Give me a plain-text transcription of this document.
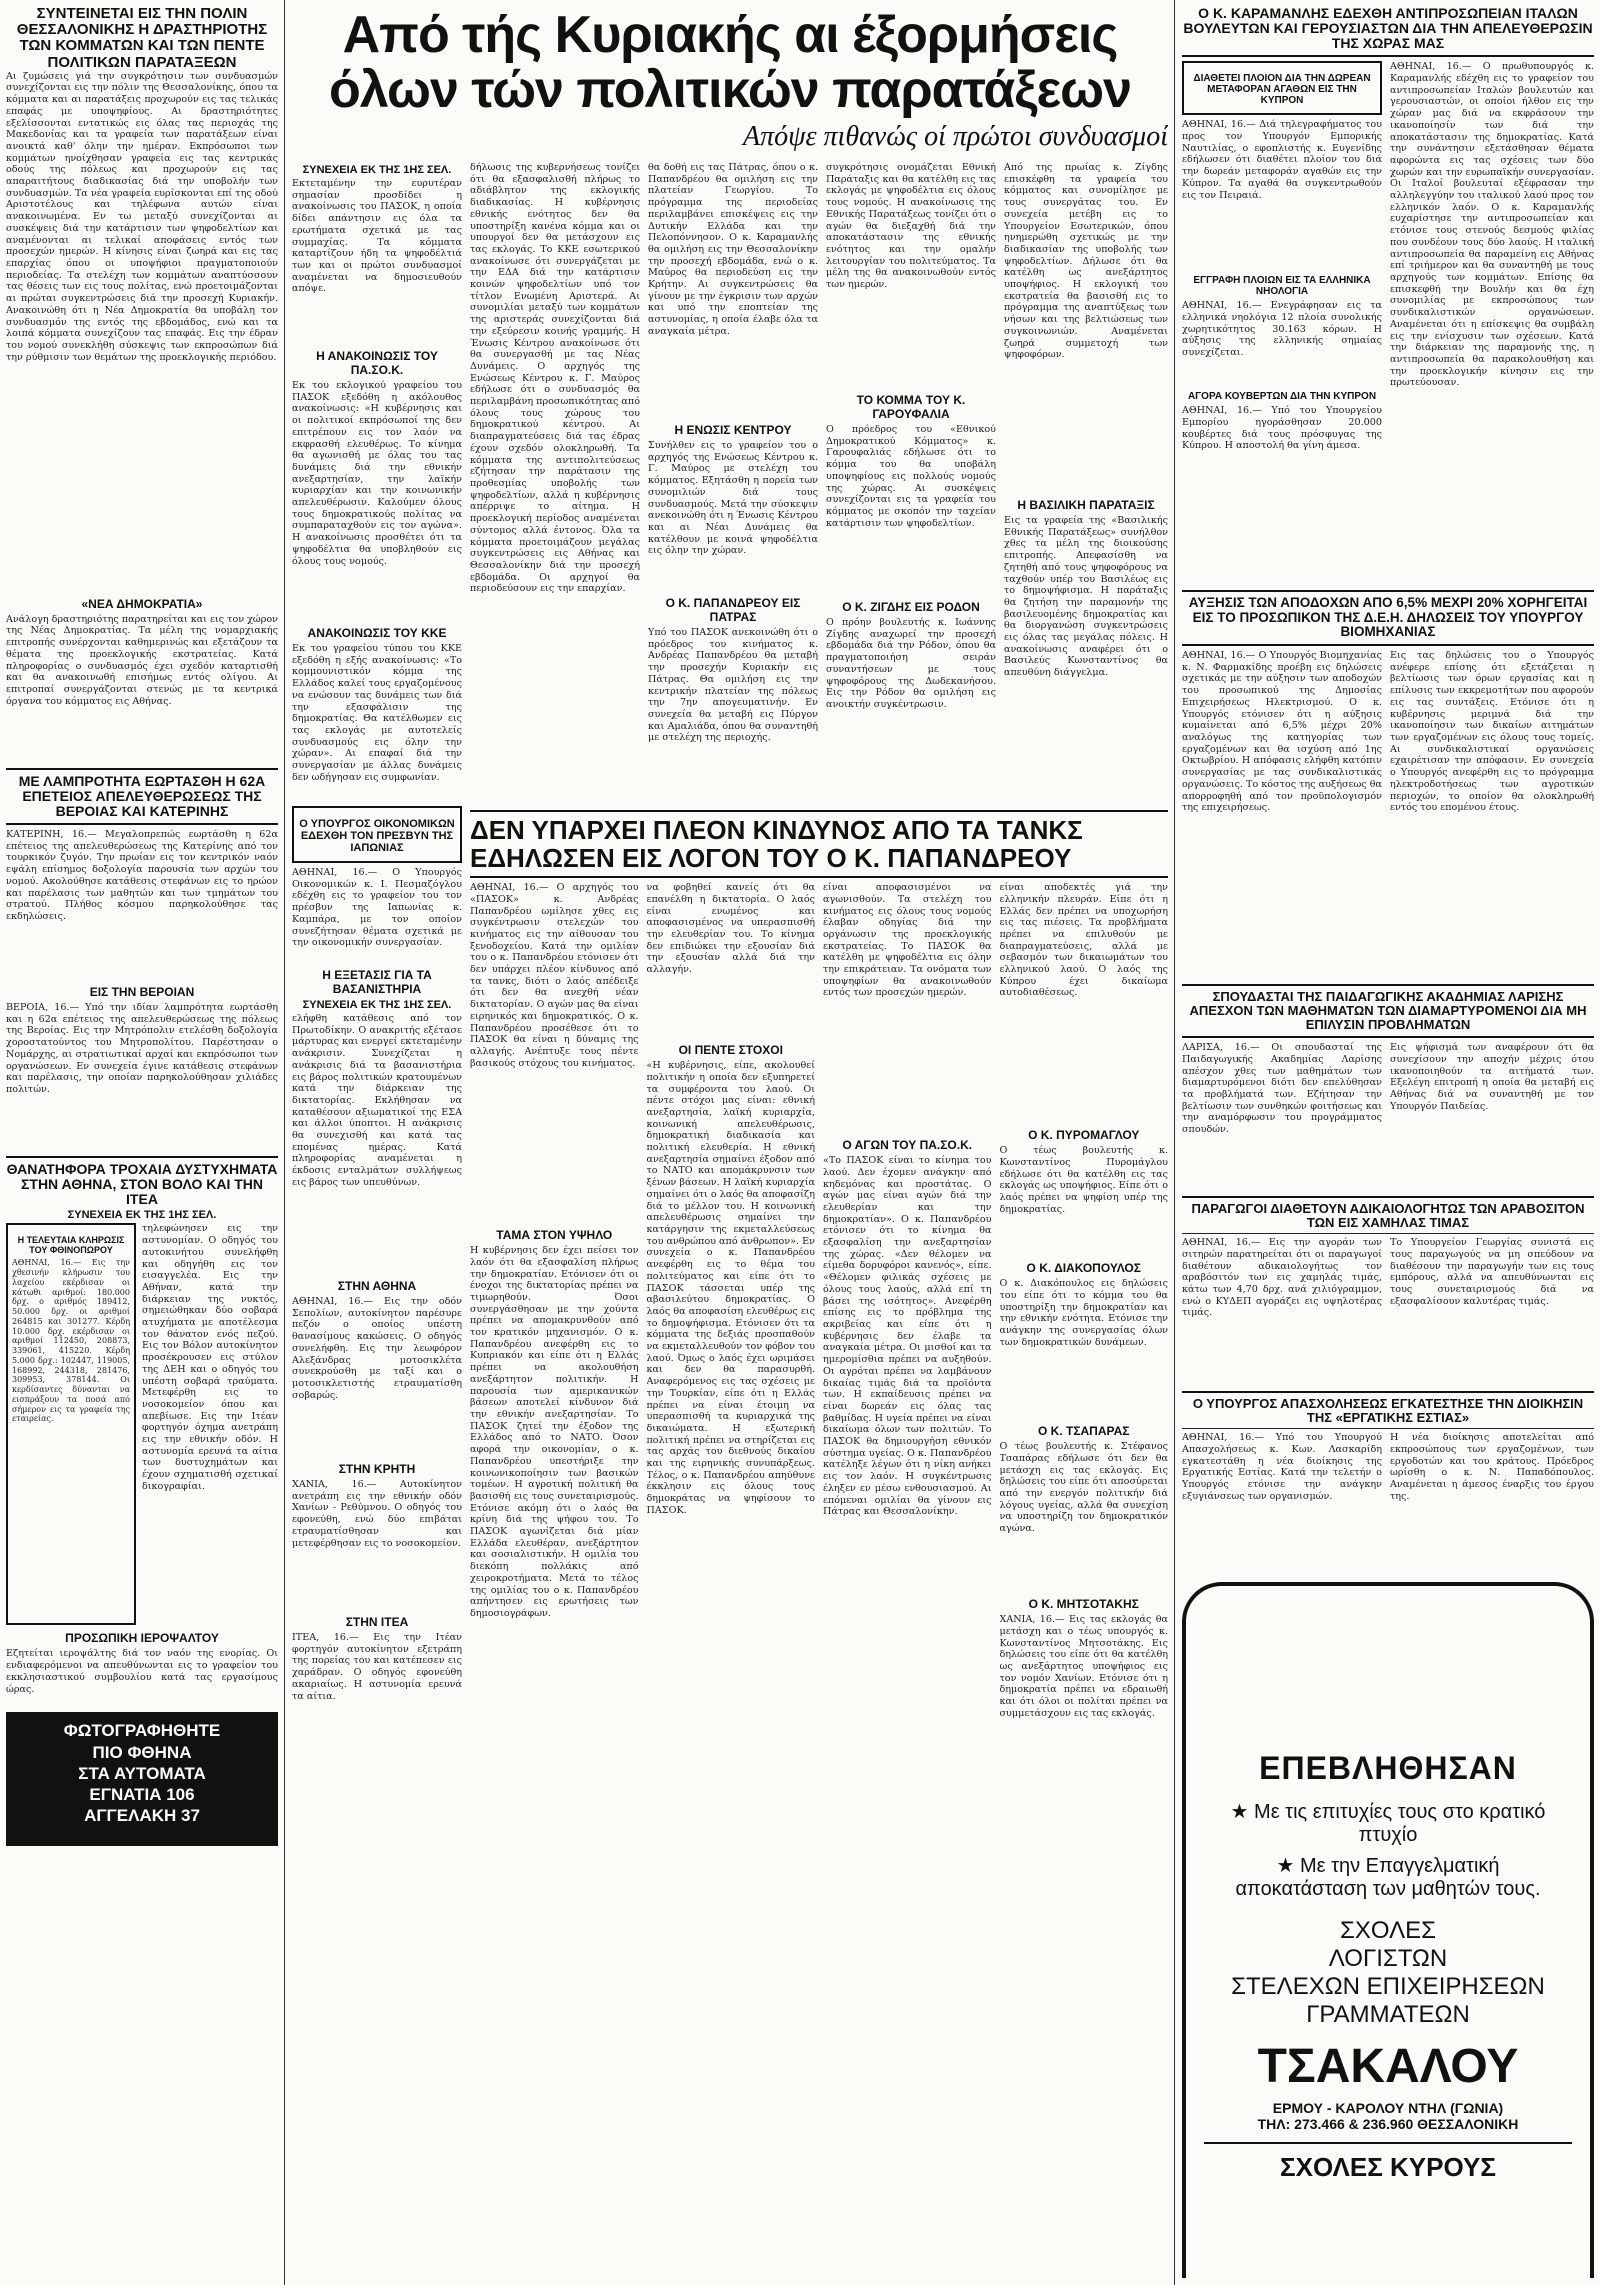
ΣΥΝΤΕΙΝΕΤΑΙ ΕΙΣ ΤΗΝ ΠΟΛΙΝ ΘΕΣΣΑΛΟΝΙΚΗΣ Η ΔΡΑΣΤΗΡΙΟΤΗΣ ΤΩΝ ΚΟΜΜΑΤΩΝ ΚΑΙ ΤΩΝ ΠΕΝΤΕ ΠΟΛΙΤΙΚΩΝ ΠΑΡΑΤΑΞΕΩΝ

Αι ζυμώσεις γιά την συγκρότησιν των συνδυασμών συνεχίζονται εις την πόλιν της Θεσσαλονίκης, όπου τα κόμματα και αι παρατάξεις προχωρούν εις τας τελικάς επαφάς με υποψηφίους. Αι δραστηριότητες εξελίσσονται εντατικώς εις όλας τας περιοχάς της Μακεδονίας και τα γραφεία των παρατάξεων είναι ανοικτά καθ' όλην την ημέραν. Εκπρόσωποι των κομμάτων ηνοίχθησαν γραφεία εις τας κεντρικάς οδούς της πόλεως και προχωρούν εις τας απαραιτήτους διαδικασίας διά την υποβολήν των συνδυασμών. Τα νέα γραφεία ευρίσκονται επί της οδού Αριστοτέλους και τηλέφωνα αυτών είναι ανακοινωμένα. Εν τω μεταξύ συνεχίζονται αι συσκέψεις διά την κατάρτισιν των ψηφοδελτίων και αναμένονται αι τελικαί αποφάσεις εντός των προσεχών ημερών. Η κίνησις είναι ζωηρά και εις τας επαρχίας όπου οι υποψήφιοι πραγματοποιούν περιοδείας. Τα στελέχη των κομμάτων αναπτύσσουν τας θέσεις των εις τους πολίτας, ενώ προετοιμάζονται αι πρώται συγκεντρώσεις διά την προσεχή Κυριακήν. Ανακοινώθη ότι η Νέα Δημοκρατία θα υποβάλη τον συνδυασμόν της εντός της εβδομάδος, ενώ και τα λοιπά κόμματα συνεχίζουν τας επαφάς. Εις την έδραν του νομού συνεκλήθη σύσκεψις των εκπροσώπων διά την ρύθμισιν των θεμάτων της προεκλογικής περιόδου.

«ΝΕΑ ΔΗΜΟΚΡΑΤΙΑ»

Ανάλογη δραστηριότης παρατηρείται και εις τον χώρον της Νέας Δημοκρατίας. Τα μέλη της νομαρχιακής επιτροπής συνέρχονται καθημερινώς και εξετάζουν τα θέματα της προεκλογικής εκστρατείας. Κατά πληροφορίας ο συνδυασμός έχει σχεδόν καταρτισθή και θα ανακοινωθή επισήμως εντός ολίγου. Αι επιτροπαί συνεργάζονται στενώς με τα κεντρικά όργανα του κόμματος εις Αθήνας.

ΜΕ ΛΑΜΠΡΟΤΗΤΑ ΕΩΡΤΑΣΘΗ Η 62Α ΕΠΕΤΕΙΟΣ ΑΠΕΛΕΥΘΕΡΩΣΕΩΣ ΤΗΣ ΒΕΡΟΙΑΣ ΚΑΙ ΚΑΤΕΡΙΝΗΣ

ΚΑΤΕΡΙΝΗ, 16.— Μεγαλοπρεπώς εωρτάσθη η 62α επέτειος της απελευθερώσεως της Κατερίνης από τον τουρκικόν ζυγόν. Την πρωίαν εις τον κεντρικόν ναόν εψάλη επίσημος δοξολογία παρουσία των αρχών του νομού. Ακολούθησε κατάθεσις στεφάνων εις το ηρώον και παρέλασις των μαθητών και των τμημάτων του στρατού. Πλήθος κόσμου παρηκολούθησε τας εκδηλώσεις.

ΕΙΣ ΤΗΝ ΒΕΡΟΙΑΝ

ΒΕΡΟΙΑ, 16.— Υπό την ιδίαν λαμπρότητα εωρτάσθη και η 62α επέτειος της απελευθερώσεως της πόλεως της Βεροίας. Εις την Μητρόπολιν ετελέσθη δοξολογία χοροστατούντος του Μητροπολίτου. Παρέστησαν ο Νομάρχης, αι στρατιωτικαί αρχαί και εκπρόσωποι των οργανώσεων. Εν συνεχεία έγινε κατάθεσις στεφάνων και παρέλασις, την οποίαν παρηκολούθησαν χιλιάδες πολιτών.

ΘΑΝΑΤΗΦΟΡΑ ΤΡΟΧΑΙΑ ΔΥΣΤΥΧΗΜΑΤΑ ΣΤΗΝ ΑΘΗΝΑ, ΣΤΟΝ ΒΟΛΟ ΚΑΙ ΤΗΝ ΙΤΕΑ

ΣΥΝΕΧΕΙΑ ΕΚ ΤΗΣ 1ΗΣ ΣΕΛ.

Η ΤΕΛΕΥΤΑΙΑ ΚΛΗΡΩΣΙΣ ΤΟΥ ΦΘΙΝΟΠΩΡΟΥ

ΑΘΗΝΑΙ, 16.— Εις την χθεσινήν κλήρωσιν του λαχείου εκέρδισαν οι κάτωθι αριθμοί: 180.000 δρχ. ο αριθμός 189412, 50.000 δρχ. οι αριθμοί 264815 και 301277. Κέρδη 10.000 δρχ. εκέρδισαν οι αριθμοί 112450, 208873, 339061, 415220. Κέρδη 5.000 δρχ.: 102447, 119005, 168992, 244318, 281476, 309953, 378144. Οι κερδίσαντες δύνανται να εισπράξουν τα ποσά από σήμερον εις τα γραφεία της εταιρείας.
τηλεφώνησεν εις την αστυνομίαν. Ο οδηγός του αυτοκινήτου συνελήφθη και οδηγήθη εις τον εισαγγελέα. Εις την Αθήναν, κατά την διάρκειαν της νυκτός, σημειώθηκαν δύο σοβαρά ατυχήματα με αποτέλεσμα τον θάνατον ενός πεζού. Εις τον Βόλον αυτοκίνητον προσέκρουσεν εις στύλον της ΔΕΗ και ο οδηγός του υπέστη σοβαρά τραύματα. Μετεφέρθη εις το νοσοκομείον όπου και απεβίωσε. Εις την Ιτέαν φορτηγόν όχημα ανετράπη εις την εθνικήν οδόν. Η αστυνομία ερευνά τα αίτια των δυστυχημάτων και έχουν σχηματισθή σχετικαί δικογραφίαι.

ΠΡΟΣΩΠΙΚΗ ΙΕΡΟΨΑΛΤΟΥ

Εζητείται ιεροψάλτης διά τον ναόν της ενορίας. Οι ενδιαφερόμενοι να απευθύνωνται εις το γραφείον του εκκλησιαστικού συμβουλίου κατά τας εργασίμους ώρας.
ΦΩΤΟΓΡΑΦΗΘΗΤΕ
ΠΙΟ ΦΘΗΝΑ
ΣΤΑ ΑΥΤΟΜΑΤΑ
ΕΓΝΑΤΙΑ 106
ΑΓΓΕΛΑΚΗ 37
Από τής Κυριακής αι έξορμήσεις
όλων τών πολιτικών παρατάξεων
Απόψε πιθανώς οί πρώτοι συνδυασμοί

ΣΥΝΕΧΕΙΑ ΕΚ ΤΗΣ 1ΗΣ ΣΕΛ.

Εκτεταμένην την ευρυτέραν σημασίαν προσδίδει η ανακοίνωσις του ΠΑΣΟΚ, η οποία δίδει απάντησιν εις όλα τα ερωτήματα σχετικά με τας συμμαχίας. Τα κόμματα καταρτίζουν ήδη τα ψηφοδέλτιά των και οι πρώτοι συνδυασμοί αναμένεται να δημοσιευθούν απόψε.

Η ΑΝΑΚΟΙΝΩΣΙΣ ΤΟΥ ΠΑ.ΣΟ.Κ.

Εκ του εκλογικού γραφείου του ΠΑΣΟΚ εξεδόθη η ακόλουθος ανακοίνωσις: «Η κυβέρνησις και οι πολιτικοί εκπρόσωποί της δεν επιτρέπουν εις τον λαόν να εκφρασθή ελευθέρως. Το κίνημα θα αγωνισθή με όλας του τας δυνάμεις διά την εθνικήν ανεξαρτησίαν, την λαϊκήν κυριαρχίαν και την κοινωνικήν απελευθέρωσιν. Καλούμεν όλους τους δημοκρατικούς πολίτας να συμπαραταχθούν εις τον αγώνα». Η ανακοίνωσις προσθέτει ότι τα ψηφοδέλτια θα υποβληθούν εις όλους τους νομούς.

ΑΝΑΚΟΙΝΩΣΙΣ ΤΟΥ ΚΚΕ

Εκ του γραφείου τύπου του ΚΚΕ εξεδόθη η εξής ανακοίνωσις: «Το κομμουνιστικόν κόμμα της Ελλάδος καλεί τους εργαζομένους να ενώσουν τας δυνάμεις των διά την εξασφάλισιν της δημοκρατίας. Θα κατέλθωμεν εις τας εκλογάς με αυτοτελείς συνδυασμούς εις όλην την χώραν». Αι επαφαί διά την συνεργασίαν με άλλας δυνάμεις δεν ωδήγησαν εις συμφωνίαν.
δήλωσις της κυβερνήσεως τονίζει ότι θα εξασφαλισθή πλήρως το αδιάβλητον της εκλογικής διαδικασίας. Η κυβέρνησις εθνικής ενότητος δεν θα υποστηρίξη κανένα κόμμα και οι υπουργοί δεν θα μετάσχουν εις τας εκλογάς. Το ΚΚΕ εσωτερικού ανακοίνωσε ότι συνεργάζεται με την ΕΔΑ διά την κατάρτισιν κοινών ψηφοδελτίων υπό τον τίτλον Ενωμένη Αριστερά. Αι συνομιλίαι μεταξύ των κομμάτων της αριστεράς συνεχίζονται διά την εξεύρεσιν κοινής γραμμής. Η Ένωσις Κέντρου ανακοίνωσε ότι θα συνεργασθή με τας Νέας Δυνάμεις. Ο αρχηγός της Ενώσεως Κέντρου κ. Γ. Μαύρος εδήλωσε ότι ο συνδυασμός θα περιλαμβάνη προσωπικότητας από όλους τους χώρους του δημοκρατικού κέντρου. Αι διαπραγματεύσεις διά τας έδρας έχουν σχεδόν ολοκληρωθή. Τα κόμματα της αντιπολιτεύσεως εζήτησαν την παράτασιν της προθεσμίας υποβολής των ψηφοδελτίων, αλλά η κυβέρνησις απέρριψε το αίτημα. Η προεκλογική περίοδος αναμένεται σύντομος αλλά έντονος. Όλα τα κόμματα προετοιμάζουν μεγάλας συγκεντρώσεις εις Αθήνας και Θεσσαλονίκην διά την προσεχή εβδομάδα. Οι αρχηγοί θα περιοδεύσουν εις την επαρχίαν.
θα δοθή εις τας Πάτρας, όπου ο κ. Παπανδρέου θα ομιλήση εις την πλατείαν Γεωργίου. Το πρόγραμμα της περιοδείας περιλαμβάνει επισκέψεις εις την Δυτικήν Ελλάδα και την Πελοπόννησον. Ο κ. Καραμανλής θα ομιλήση εις την Θεσσαλονίκην την προσεχή εβδομάδα, ενώ ο κ. Μαύρος θα περιοδεύση εις την Κρήτην. Αι συγκεντρώσεις θα γίνουν με την έγκρισιν των αρχών και υπό την εποπτείαν της αστυνομίας, η οποία έλαβε όλα τα αναγκαία μέτρα.

Η ΕΝΩΣΙΣ ΚΕΝΤΡΟΥ

Συνήλθεν εις το γραφείον του ο αρχηγός της Ενώσεως Κέντρου κ. Γ. Μαύρος με στελέχη του κόμματος. Εξητάσθη η πορεία των συνομιλιών διά τους συνδυασμούς. Μετά την σύσκεψιν ανεκοινώθη ότι η Ένωσις Κέντρου και αι Νέαι Δυνάμεις θα κατέλθουν με κοινά ψηφοδέλτια εις όλην την χώραν.

Ο Κ. ΠΑΠΑΝΔΡΕΟΥ ΕΙΣ ΠΑΤΡΑΣ

Υπό του ΠΑΣΟΚ ανεκοινώθη ότι ο πρόεδρος του κινήματος κ. Ανδρέας Παπανδρέου θα μεταβή την προσεχήν Κυριακήν εις Πάτρας. Θα ομιλήση εις την κεντρικήν πλατείαν της πόλεως την 7ην απογευματινήν. Εν συνεχεία θα μεταβή εις Πύργον και Αμαλιάδα, όπου θα συναντηθή με στελέχη της περιοχής.
συγκρότησις ονομάζεται Εθνική Παράταξις και θα κατέλθη εις τας εκλογάς με ψηφοδέλτια εις όλους τους νομούς. Η ανακοίνωσις της Εθνικής Παρατάξεως τονίζει ότι ο αγών θα διεξαχθή διά την αποκατάστασιν της εθνικής ενότητος και την ομαλήν λειτουργίαν του πολιτεύματος. Τα μέλη της θα ανακοινωθούν εντός των ημερών.

ΤΟ ΚΟΜΜΑ ΤΟΥ Κ. ΓΑΡΟΥΦΑΛΙΑ

Ο πρόεδρος του «Εθνικού Δημοκρατικού Κόμματος» κ. Γαρουφαλιάς εδήλωσε ότι το κόμμα του θα υποβάλη υποψηφίους εις πολλούς νομούς της χώρας. Αι συσκέψεις συνεχίζονται εις τα γραφεία του κόμματος με σκοπόν την ταχείαν κατάρτισιν των ψηφοδελτίων.

Ο Κ. ΖΙΓΔΗΣ ΕΙΣ ΡΟΔΟΝ

Ο πρόην βουλευτής κ. Ιωάννης Ζίγδης αναχωρεί την προσεχή εβδομάδα διά την Ρόδον, όπου θα πραγματοποιήση σειράν συναντήσεων με τους ψηφοφόρους της Δωδεκανήσου. Εις την Ρόδον θα ομιλήση εις ανοικτήν συγκέντρωσιν.
Από της πρωίας κ. Ζίγδης επισκέφθη τα γραφεία του κόμματος και συνομίλησε με τους συνεργάτας του. Εν συνεχεία μετέβη εις το Υπουργείον Εσωτερικών, όπου ηνημερώθη σχετικώς με την διαδικασίαν της υποβολής των ψηφοδελτίων. Δήλωσε ότι θα κατέλθη ως ανεξάρτητος υποψήφιος. Η εκλογική του εκστρατεία θα βασισθή εις το πρόγραμμα της αναπτύξεως των νήσων και της βελτιώσεως των συγκοινωνιών. Αναμένεται ζωηρά συμμετοχή των ψηφοφόρων.

Η ΒΑΣΙΛΙΚΗ ΠΑΡΑΤΑΞΙΣ

Εις τα γραφεία της «Βασιλικής Εθνικής Παρατάξεως» συνήλθον χθες τα μέλη της διοικούσης επιτροπής. Απεφασίσθη να ζητηθή από τους ψηφοφόρους να ταχθούν υπέρ του Βασιλέως εις το δημοψήφισμα. Η παράταξις θα ζητήση την παραμονήν της βασιλευομένης δημοκρατίας και θα διοργανώση συγκεντρώσεις εις όλας τας μεγάλας πόλεις. Η ανακοίνωσις αναφέρει ότι ο Βασιλεύς Κωνσταντίνος θα απευθύνη διάγγελμα.

Ο Κ. ΚΑΡΑΜΑΝΛΗΣ ΕΔΕΧΘΗ ΑΝΤΙΠΡΟΣΩΠΕΙΑΝ ΙΤΑΛΩΝ ΒΟΥΛΕΥΤΩΝ ΚΑΙ ΓΕΡΟΥΣΙΑΣΤΩΝ ΔΙΑ ΤΗΝ ΑΠΕΛΕΥΘΕΡΩΣΙΝ ΤΗΣ ΧΩΡΑΣ ΜΑΣ

ΔΙΑΘΕΤΕΙ ΠΛΟΙΟΝ ΔΙΑ ΤΗΝ ΔΩΡΕΑΝ ΜΕΤΑΦΟΡΑΝ ΑΓΑΘΩΝ ΕΙΣ ΤΗΝ ΚΥΠΡΟΝ

ΑΘΗΝΑΙ, 16.— Διά τηλεγραφήματος του προς τον Υπουργόν Εμπορικής Ναυτιλίας, ο εφοπλιστής κ. Ευγενίδης εδήλωσεν ότι διαθέτει πλοίον του διά την δωρεάν μεταφοράν αγαθών εις την Κύπρον. Τα αγαθά θα συγκεντρωθούν εις τον Πειραιά.

ΕΓΓΡΑΦΗ ΠΛΟΙΩΝ ΕΙΣ ΤΑ ΕΛΛΗΝΙΚΑ ΝΗΟΛΟΓΙΑ

ΑΘΗΝΑΙ, 16.— Ενεγράφησαν εις τα ελληνικά νηολόγια 12 πλοία συνολικής χωρητικότητος 30.163 κόρων. Η αύξησις της ελληνικής σημαίας συνεχίζεται.

ΑΓΟΡΑ ΚΟΥΒΕΡΤΩΝ ΔΙΑ ΤΗΝ ΚΥΠΡΟΝ

ΑΘΗΝΑΙ, 16.— Υπό του Υπουργείου Εμπορίου ηγοράσθησαν 20.000 κουβέρτες διά τους πρόσφυγας της Κύπρου. Η αποστολή θα γίνη άμεσα.
ΑΘΗΝΑΙ, 16.— Ο πρωθυπουργός κ. Καραμανλής εδέχθη εις το γραφείον του αντιπροσωπείαν Ιταλών βουλευτών και γερουσιαστών, οι οποίοι ήλθον εις την χώραν μας διά να εκφράσουν την ικανοποίησίν των διά την αποκατάστασιν της δημοκρατίας. Κατά την συνάντησιν εξετάσθησαν θέματα αφορώντα εις τας σχέσεις των δύο χωρών και την ευρωπαϊκήν συνεργασίαν. Οι Ιταλοί βουλευταί εξέφρασαν την αλληλεγγύην του ιταλικού λαού προς τον ελληνικόν λαόν. Ο κ. Καραμανλής ευχαρίστησε την αντιπροσωπείαν και ετόνισε τους στενούς δεσμούς φιλίας που συνδέουν τους δύο λαούς. Η ιταλική αντιπροσωπεία θα παραμείνη εις Αθήνας επί τριήμερον και θα συναντηθή με τους αρχηγούς των κομμάτων. Επίσης θα επισκεφθή την Βουλήν και θα έχη συνομιλίας με εκπροσώπους των συνδικαλιστικών οργανώσεων. Αναμένεται ότι η επίσκεψις θα συμβάλη εις την ενίσχυσιν των σχέσεων. Κατά την διάρκειαν της παραμονής της, η αντιπροσωπεία θα παρακολουθήση και την προεκλογικήν κίνησιν εις την πρωτεύουσαν.

ΑΥΞΗΣΙΣ ΤΩΝ ΑΠΟΔΟΧΩΝ ΑΠΟ 6,5% ΜΕΧΡΙ 20% ΧΟΡΗΓΕΙΤΑΙ ΕΙΣ ΤΟ ΠΡΟΣΩΠΙΚΟΝ ΤΗΣ Δ.Ε.Η. ΔΗΛΩΣΕΙΣ ΤΟΥ ΥΠΟΥΡΓΟΥ ΒΙΟΜΗΧΑΝΙΑΣ

ΑΘΗΝΑΙ, 16.— Ο Υπουργός Βιομηχανίας κ. Ν. Φαρμακίδης προέβη εις δηλώσεις σχετικάς με την αύξησιν των αποδοχών του προσωπικού της Δημοσίας Επιχειρήσεως Ηλεκτρισμού. Ο κ. Υπουργός ετόνισεν ότι η αύξησις κυμαίνεται από 6,5% μέχρι 20% αναλόγως της κατηγορίας των εργαζομένων και θα ισχύση από 1ης Οκτωβρίου. Η απόφασις ελήφθη κατόπιν συνεργασίας με τας συνδικαλιστικάς οργανώσεις. Το κόστος της αυξήσεως θα απορροφηθή από τον προϋπολογισμόν της επιχειρήσεως.
Εις τας δηλώσεις του ο Υπουργός ανέφερε επίσης ότι εξετάζεται η βελτίωσις των όρων εργασίας και η επίλυσις των εκκρεμοτήτων που αφορούν εις τας συντάξεις. Ετόνισε ότι η κυβέρνησις μεριμνά διά την ικανοποίησιν των δικαίων αιτημάτων των εργαζομένων εις όλους τους τομείς. Αι συνδικαλιστικαί οργανώσεις εχαιρέτισαν την απόφασιν. Εν συνεχεία ο Υπουργός ανεφέρθη εις το πρόγραμμα ηλεκτροδοτήσεως των αγροτικών περιοχών, το οποίον θα ολοκληρωθή εντός του επομένου έτους.

ΣΠΟΥΔΑΣΤΑΙ ΤΗΣ ΠΑΙΔΑΓΩΓΙΚΗΣ ΑΚΑΔΗΜΙΑΣ ΛΑΡΙΣΗΣ ΑΠΕΣΧΟΝ ΤΩΝ ΜΑΘΗΜΑΤΩΝ ΤΩΝ ΔΙΑΜΑΡΤΥΡΟΜΕΝΟΙ ΔΙΑ ΜΗ ΕΠΙΛΥΣΙΝ ΠΡΟΒΛΗΜΑΤΩΝ

ΛΑΡΙΣΑ, 16.— Οι σπουδασταί της Παιδαγωγικής Ακαδημίας Λαρίσης απέσχον χθες των μαθημάτων των διαμαρτυρόμενοι διότι δεν επελύθησαν τα προβλήματά των. Εζήτησαν την βελτίωσιν των συνθηκών φοιτήσεως και την αναμόρφωσιν του προγράμματος σπουδών.
Εις ψήφισμά των αναφέρουν ότι θα συνεχίσουν την αποχήν μέχρις ότου ικανοποιηθούν τα αιτήματά των. Εξελέγη επιτροπή η οποία θα μεταβή εις Αθήνας διά να συναντηθή με τον Υπουργόν Παιδείας.

ΠΑΡΑΓΩΓΟΙ ΔΙΑΘΕΤΟΥΝ ΑΔΙΚΑΙΟΛΟΓΗΤΩΣ ΤΩΝ ΑΡΑΒΟΣΙΤΟΝ ΤΩΝ ΕΙΣ ΧΑΜΗΛΑΣ ΤΙΜΑΣ

ΑΘΗΝΑΙ, 16.— Εις την αγοράν των σιτηρών παρατηρείται ότι οι παραγωγοί διαθέτουν αδικαιολογήτως τον αραβόσιτόν των εις χαμηλάς τιμάς, κάτω των 4,70 δρχ. ανά χιλιόγραμμον, ενώ ο ΚΥΔΕΠ αγοράζει εις υψηλοτέρας τιμάς.
Το Υπουργείον Γεωργίας συνιστά εις τους παραγωγούς να μη σπεύδουν να διαθέσουν την παραγωγήν των εις τους εμπόρους, αλλά να απευθύνωνται εις τους συνεταιρισμούς διά να εξασφαλίσουν καλυτέρας τιμάς.

Ο ΥΠΟΥΡΓΟΣ ΑΠΑΣΧΟΛΗΣΕΩΣ ΕΓΚΑΤΕΣΤΗΣΕ ΤΗΝ ΔΙΟΙΚΗΣΙΝ ΤΗΣ «ΕΡΓΑΤΙΚΗΣ ΕΣΤΙΑΣ»

ΑΘΗΝΑΙ, 16.— Υπό του Υπουργού Απασχολήσεως κ. Κων. Λασκαρίδη εγκατεστάθη η νέα διοίκησις της Εργατικής Εστίας. Κατά την τελετήν ο Υπουργός ετόνισε την ανάγκην εξυγιάνσεως των οργανισμών.
Η νέα διοίκησις αποτελείται από εκπροσώπους των εργαζομένων, των εργοδοτών και του κράτους. Πρόεδρος ωρίσθη ο κ. Ν. Παπαδόπουλος. Αναμένεται η άμεσος έναρξις του έργου της.
ΕΠΕΒΛΗΘΗΣΑΝ
★ Με τις επιτυχίες τους στο κρατικό πτυχίο
★ Με την Επαγγελματική αποκατάσταση των μαθητών τους.
ΣΧΟΛΕΣ
ΛΟΓΙΣΤΩΝ
ΣΤΕΛΕΧΩΝ ΕΠΙΧΕΙΡΗΣΕΩΝ
ΓΡΑΜΜΑΤΕΩΝ
ΤΣΑΚΑΛΟΥ
ΕΡΜΟΥ - ΚΑΡΟΛΟΥ ΝΤΗΛ (ΓΩΝΙΑ)
ΤΗΛ: 273.466 & 236.960 ΘΕΣΣΑΛΟΝΙΚΗ
ΣΧΟΛΕΣ ΚΥΡΟΥΣ

Ο ΥΠΟΥΡΓΟΣ ΟΙΚΟΝΟΜΙΚΩΝ ΕΔΕΧΘΗ ΤΟΝ ΠΡΕΣΒΥΝ ΤΗΣ ΙΑΠΩΝΙΑΣ

ΑΘΗΝΑΙ, 16.— Ο Υπουργός Οικονομικών κ. Ι. Πεσμαζόγλου εδέχθη εις το γραφείον του τον πρέσβυν της Ιαπωνίας κ. Καμπάρα, με τον οποίον συνεζήτησαν θέματα σχετικά με την οικονομικήν συνεργασίαν.

Η ΕΞΕΤΑΣΙΣ ΓΙΑ ΤΑ ΒΑΣΑΝΙΣΤΗΡΙΑ

ΣΥΝΕΧΕΙΑ ΕΚ ΤΗΣ 1ΗΣ ΣΕΛ.

ελήφθη κατάθεσις από τον Πρωτοδίκην. Ο ανακριτής εξέτασε μάρτυρας και ενεργεί εκτεταμένην ανάκρισιν. Συνεχίζεται η ανάκρισις διά τα βασανιστήρια εις βάρος πολιτικών κρατουμένων κατά την διάρκειαν της δικτατορίας. Εκλήθησαν να καταθέσουν αξιωματικοί της ΕΣΑ και άλλοι ύποπτοι. Η ανάκρισις θα συνεχισθή και κατά τας επομένας ημέρας. Κατά πληροφορίας αναμένεται η έκδοσις ενταλμάτων συλλήψεως εις βάρος των υπευθύνων.

ΣΤΗΝ ΑΘΗΝΑ

ΑΘΗΝΑΙ, 16.— Εις την οδόν Σεπολίων, αυτοκίνητον παρέσυρε πεζόν ο οποίος υπέστη θανασίμους κακώσεις. Ο οδηγός συνελήφθη. Εις την λεωφόρον Αλεξάνδρας μοτοσικλέτα συνεκρούσθη με ταξί και ο μοτοσικλετιστής ετραυματίσθη σοβαρώς.

ΣΤΗΝ ΚΡΗΤΗ

ΧΑΝΙΑ, 16.— Αυτοκίνητον ανετράπη εις την εθνικήν οδόν Χανίων - Ρεθύμνου. Ο οδηγός του εφονεύθη, ενώ δύο επιβάται ετραυματίσθησαν και μετεφέρθησαν εις το νοσοκομείον.

ΣΤΗΝ ΙΤΕΑ

ΙΤΕΑ, 16.— Εις την Ιτέαν φορτηγόν αυτοκίνητον εξετράπη της πορείας του και κατέπεσεν εις χαράδραν. Ο οδηγός εφονεύθη ακαριαίως. Η αστυνομία ερευνά τα αίτια.

ΔΕΝ ΥΠΑΡΧΕΙ ΠΛΕΟΝ ΚΙΝΔΥΝΟΣ ΑΠΟ ΤΑ ΤΑΝΚΣ

ΕΔΗΛΩΣΕΝ ΕΙΣ ΛΟΓΟΝ ΤΟΥ Ο Κ. ΠΑΠΑΝΔΡΕΟΥ

ΑΘΗΝΑΙ, 16.— Ο αρχηγός του «ΠΑΣΟΚ» κ. Ανδρέας Παπανδρέου ωμίλησε χθες εις συγκέντρωσιν στελεχών του κινήματος εις την αίθουσαν του ξενοδοχείου. Κατά την ομιλίαν του ο κ. Παπανδρέου ετόνισεν ότι δεν υπάρχει πλέον κίνδυνος από τα τανκς, διότι ο λαός απέδειξε ότι δεν θα ανεχθή νέαν δικτατορίαν. Ο αγών μας θα είναι ειρηνικός και δημοκρατικός. Ο κ. Παπανδρέου προσέθεσε ότι το ΠΑΣΟΚ θα είναι η δύναμις της αλλαγής. Ανέπτυξε τους πέντε βασικούς στόχους του κινήματος.

ΤΑΜΑ ΣΤΟΝ ΥΨΗΛΟ

Η κυβέρνησις δεν έχει πείσει τον λαόν ότι θα εξασφαλίση πλήρως την δημοκρατίαν. Ετόνισεν ότι οι ένοχοι της δικτατορίας πρέπει να τιμωρηθούν. Όσοι συνεργάσθησαν με την χούντα πρέπει να απομακρυνθούν από τον κρατικόν μηχανισμόν. Ο κ. Παπανδρέου ανεφέρθη εις το Κυπριακόν και είπε ότι η Ελλάς πρέπει να ακολουθήση ανεξάρτητον πολιτικήν. Η παρουσία των αμερικανικών βάσεων αποτελεί κίνδυνον διά την εθνικήν ανεξαρτησίαν. Το ΠΑΣΟΚ ζητεί την έξοδον της Ελλάδος από το ΝΑΤΟ. Όσον αφορά την οικονομίαν, ο κ. Παπανδρέου υπεστήριξε την κοινωνικοποίησιν των βασικών τομέων. Η αγροτική πολιτική θα βασισθή εις τους συνεταιρισμούς. Ετόνισε ακόμη ότι ο λαός θα κρίνη διά της ψήφου του. Το ΠΑΣΟΚ αγωνίζεται διά μίαν Ελλάδα ελευθέραν, ανεξάρτητον και σοσιαλιστικήν. Η ομιλία του διεκόπη πολλάκις από χειροκροτήματα. Μετά το τέλος της ομιλίας του ο κ. Παπανδρέου απήντησεν εις ερωτήσεις των δημοσιογράφων.
να φοβηθεί κανείς ότι θα επανέλθη η δικτατορία. Ο λαός είναι ενωμένος και αποφασισμένος να υπερασπισθή την ελευθερίαν του. Το κίνημα δεν επιδιώκει την εξουσίαν διά την εξουσίαν αλλά διά την αλλαγήν.

ΟΙ ΠΕΝΤΕ ΣΤΟΧΟΙ

«Η κυβέρνησις, είπε, ακολουθεί πολιτικήν η οποία δεν εξυπηρετεί τα συμφέροντα του λαού. Οι πέντε στόχοι μας είναι: εθνική ανεξαρτησία, λαϊκή κυριαρχία, κοινωνική απελευθέρωσις, δημοκρατική διαδικασία και πολιτική ελευθερία. Η εθνική ανεξαρτησία σημαίνει έξοδον από το ΝΑΤΟ και απομάκρυνσιν των ξένων βάσεων. Η λαϊκή κυριαρχία σημαίνει ότι ο λαός θα αποφασίζη διά το μέλλον του. Η κοινωνική απελευθέρωσις σημαίνει την κατάργησιν της εκμεταλλεύσεως του ανθρώπου από άνθρωπον». Εν συνεχεία ο κ. Παπανδρέου ανεφέρθη εις το θέμα του πολιτεύματος και είπε ότι το ΠΑΣΟΚ τάσσεται υπέρ της αβασιλεύτου δημοκρατίας. Ο λαός θα αποφασίση ελευθέρως εις το δημοψήφισμα. Ετόνισεν ότι τα κόμματα της δεξιάς προσπαθούν να εκμεταλλευθούν τον φόβον του λαού. Όμως ο λαός έχει ωριμάσει και δεν θα παρασυρθή. Αναφερόμενος εις τας σχέσεις με την Τουρκίαν, είπε ότι η Ελλάς πρέπει να είναι έτοιμη να υπερασπισθή τα κυριαρχικά της δικαιώματα. Η εξωτερική πολιτική πρέπει να στηρίζεται εις τας αρχάς του διεθνούς δικαίου και της ειρηνικής συνυπάρξεως. Τέλος, ο κ. Παπανδρέου απηύθυνε έκκλησιν εις όλους τους δημοκράτας να ψηφίσουν το ΠΑΣΟΚ.
είναι αποφασισμένοι να αγωνισθούν. Τα στελέχη του κινήματος εις όλους τους νομούς έλαβαν οδηγίας διά την οργάνωσιν της προεκλογικής εκστρατείας. Το ΠΑΣΟΚ θα κατέλθη με ψηφοδέλτια εις όλην την επικράτειαν. Τα ονόματα των υποψηφίων θα ανακοινωθούν εντός των προσεχών ημερών.

Ο ΑΓΩΝ ΤΟΥ ΠΑ.ΣΟ.Κ.

«Το ΠΑΣΟΚ είναι το κίνημα του λαού. Δεν έχομεν ανάγκην από κηδεμόνας και προστάτας. Ο αγών μας είναι αγών διά την ελευθερίαν και την δημοκρατίαν». Ο κ. Παπανδρέου ετόνισεν ότι το κίνημα θα εξασφαλίση την ανεξαρτησίαν της χώρας. «Δεν θέλομεν να είμεθα δορυφόροι κανενός», είπε. «Θέλομεν φιλικάς σχέσεις με όλους τους λαούς, αλλά επί τη βάσει της ισότητος». Ανεφέρθη επίσης εις το πρόβλημα της ακριβείας και είπε ότι η κυβέρνησις δεν έλαβε τα αναγκαία μέτρα. Οι μισθοί και τα ημερομίσθια πρέπει να αυξηθούν. Οι αγρόται πρέπει να λαμβάνουν δικαίας τιμάς διά τα προϊόντα των. Η εκπαίδευσις πρέπει να είναι δωρεάν εις όλας τας βαθμίδας. Η υγεία πρέπει να είναι δικαίωμα όλων των πολιτών. Το ΠΑΣΟΚ θα δημιουργήση εθνικόν σύστημα υγείας. Ο κ. Παπανδρέου κατέληξε λέγων ότι η νίκη ανήκει εις τον λαόν. Η συγκέντρωσις έληξεν εν μέσω ενθουσιασμού. Αι επόμεναι ομιλίαι θα γίνουν εις Πάτρας και Θεσσαλονίκην.
είναι αποδεκτές γιά την ελληνικήν πλευράν. Είπε ότι η Ελλάς δεν πρέπει να υποχωρήση εις τας πιέσεις. Τα προβλήματα πρέπει να επιλυθούν με διαπραγματεύσεις, αλλά με σεβασμόν των δικαιωμάτων του ελληνικού λαού. Ο λαός της Κύπρου έχει δικαίωμα αυτοδιαθέσεως.

Ο Κ. ΠΥΡΟΜΑΓΛΟΥ

Ο τέως βουλευτής κ. Κωνσταντίνος Πυρομάγλου εδήλωσε ότι θα κατέλθη εις τας εκλογάς ως υποψήφιος. Είπε ότι ο λαός πρέπει να ψηφίση υπέρ της δημοκρατίας.

Ο Κ. ΔΙΑΚΟΠΟΥΛΟΣ

Ο κ. Διακόπουλος εις δηλώσεις του είπε ότι το κόμμα του θα υποστηρίξη την δημοκρατίαν και την εθνικήν ενότητα. Ετόνισε την ανάγκην της συνεργασίας όλων των δημοκρατικών δυνάμεων.

Ο Κ. ΤΣΑΠΑΡΑΣ

Ο τέως βουλευτής κ. Στέφανος Τσαπάρας εδήλωσε ότι δεν θα μετάσχη εις τας εκλογάς. Εις δηλώσεις του είπε ότι αποσύρεται από την ενεργόν πολιτικήν διά λόγους υγείας, αλλά θα συνεχίση να υποστηρίζη τον δημοκρατικόν αγώνα.

Ο Κ. ΜΗΤΣΟΤΑΚΗΣ

ΧΑΝΙΑ, 16.— Εις τας εκλογάς θα μετάσχη και ο τέως υπουργός κ. Κωνσταντίνος Μητσοτάκης. Εις δηλώσεις του είπε ότι θα κατέλθη ως ανεξάρτητος υποψήφιος εις τον νομόν Χανίων. Ετόνισε ότι η δημοκρατία πρέπει να εδραιωθή και ότι όλοι οι πολίται πρέπει να συμμετάσχουν εις τας εκλογάς.
